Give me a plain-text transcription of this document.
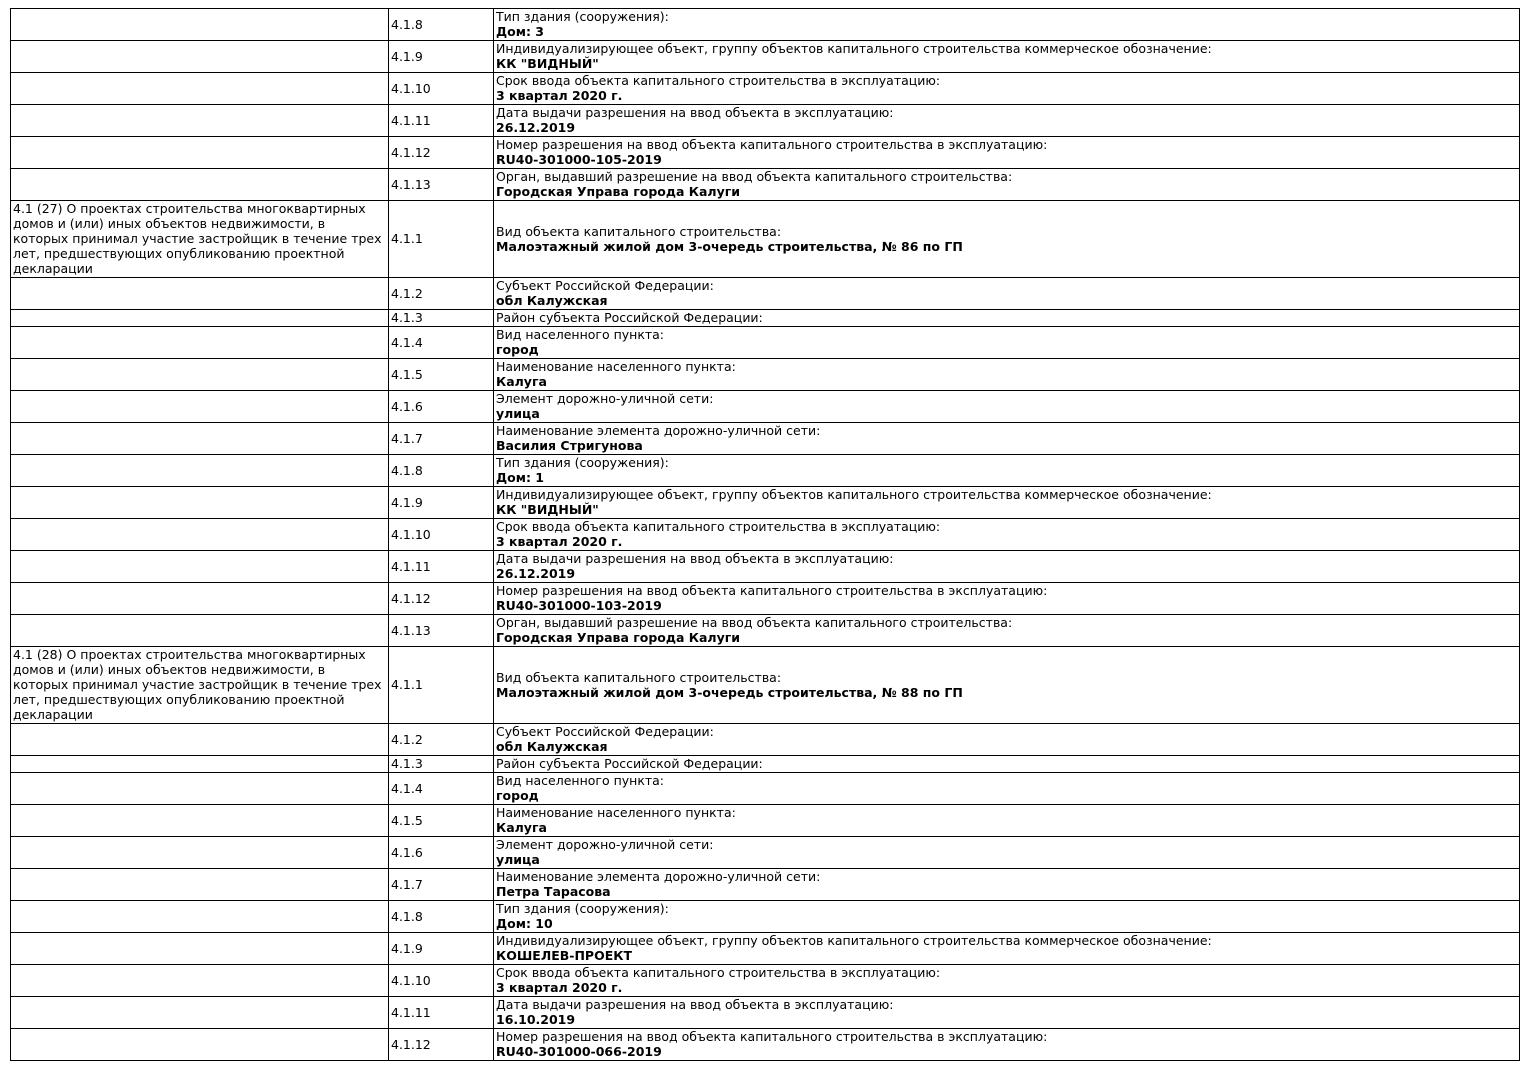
	4.1.8	Тип здания (сооружения):
Дом: 3

	4.1.9	Индивидуализирующее объект, группу объектов капитального строительства коммерческое обозначение:
КК "ВИДНЫЙ"

	4.1.10	Срок ввода объекта капитального строительства в эксплуатацию:
3 квартал 2020 г.

	4.1.11	Дата выдачи разрешения на ввод объекта в эксплуатацию:
26.12.2019

	4.1.12	Номер разрешения на ввод объекта капитального строительства в эксплуатацию:
RU40-301000-105-2019

	4.1.13	Орган, выдавший разрешение на ввод объекта капитального строительства:
Городская Управа города Калуги

4.1 (27) О проектах строительства многоквартирных домов и (или) иных объектов недвижимости, в которых принимал участие застройщик в течение трех лет, предшествующих опубликованию проектной декларации	4.1.1	Вид объекта капитального строительства:
Малоэтажный жилой дом 3-очередь строительства, № 86 по ГП

	4.1.2	Субъект Российской Федерации:
обл Калужская

	4.1.3	Район субъекта Российской Федерации:

	4.1.4	Вид населенного пункта:
город

	4.1.5	Наименование населенного пункта:
Калуга

	4.1.6	Элемент дорожно-уличной сети:
улица

	4.1.7	Наименование элемента дорожно-уличной сети:
Василия Стригунова

	4.1.8	Тип здания (сооружения):
Дом: 1

	4.1.9	Индивидуализирующее объект, группу объектов капитального строительства коммерческое обозначение:
КК "ВИДНЫЙ"

	4.1.10	Срок ввода объекта капитального строительства в эксплуатацию:
3 квартал 2020 г.

	4.1.11	Дата выдачи разрешения на ввод объекта в эксплуатацию:
26.12.2019

	4.1.12	Номер разрешения на ввод объекта капитального строительства в эксплуатацию:
RU40-301000-103-2019

	4.1.13	Орган, выдавший разрешение на ввод объекта капитального строительства:
Городская Управа города Калуги

4.1 (28) О проектах строительства многоквартирных домов и (или) иных объектов недвижимости, в которых принимал участие застройщик в течение трех лет, предшествующих опубликованию проектной декларации	4.1.1	Вид объекта капитального строительства:
Малоэтажный жилой дом 3-очередь строительства, № 88 по ГП

	4.1.2	Субъект Российской Федерации:
обл Калужская

	4.1.3	Район субъекта Российской Федерации:

	4.1.4	Вид населенного пункта:
город

	4.1.5	Наименование населенного пункта:
Калуга

	4.1.6	Элемент дорожно-уличной сети:
улица

	4.1.7	Наименование элемента дорожно-уличной сети:
Петра Тарасова

	4.1.8	Тип здания (сооружения):
Дом: 10

	4.1.9	Индивидуализирующее объект, группу объектов капитального строительства коммерческое обозначение:
КОШЕЛЕВ-ПРОЕКТ

	4.1.10	Срок ввода объекта капитального строительства в эксплуатацию:
3 квартал 2020 г.

	4.1.11	Дата выдачи разрешения на ввод объекта в эксплуатацию:
16.10.2019

	4.1.12	Номер разрешения на ввод объекта капитального строительства в эксплуатацию:
RU40-301000-066-2019
